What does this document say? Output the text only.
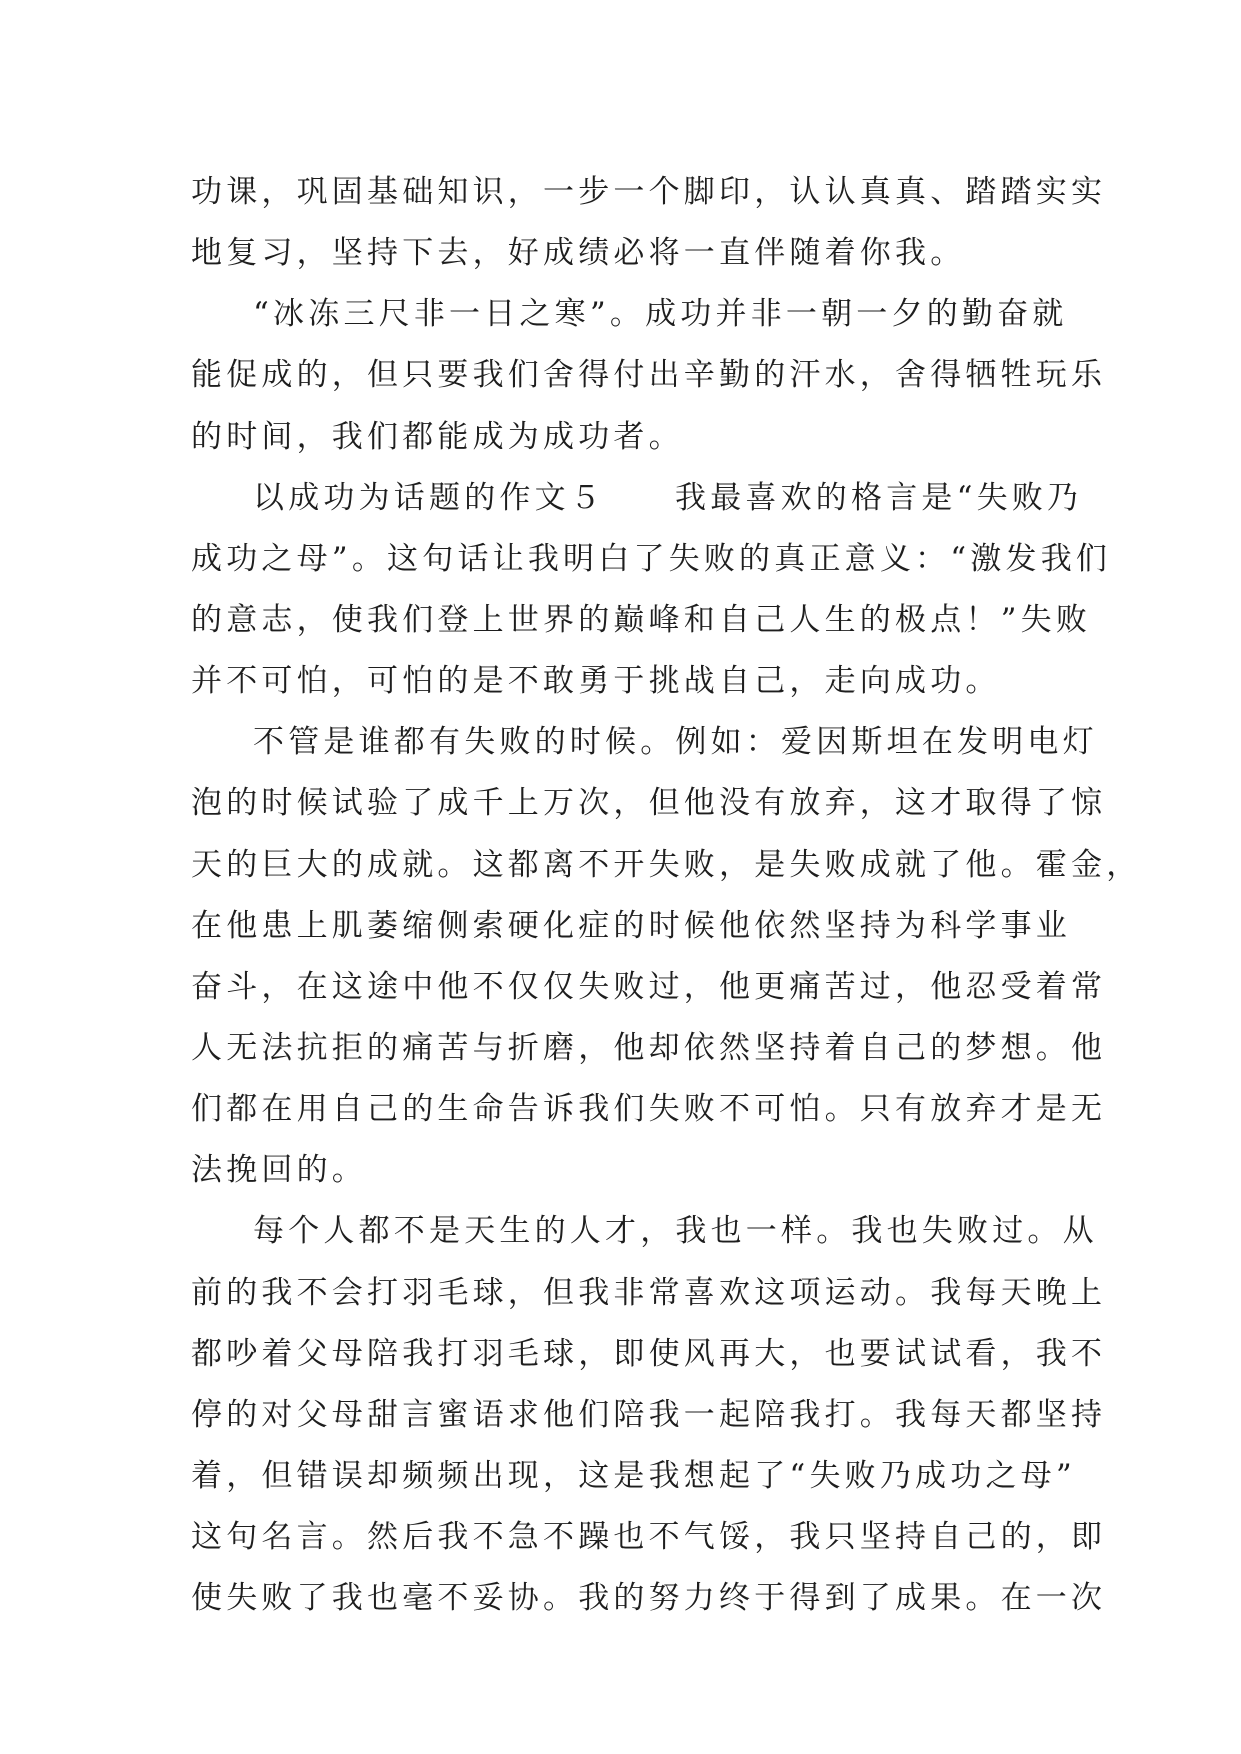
功课，巩固基础知识，一步一个脚印，认认真真、踏踏实实
地复习，坚持下去，好成绩必将一直伴随着你我。
“冰冻三尺非一日之寒”。成功并非一朝一夕的勤奋就
能促成的，但只要我们舍得付出辛勤的汗水，舍得牺牲玩乐
的时间，我们都能成为成功者。
以成功为话题的作文５ 我最喜欢的格言是“失败乃
成功之母”。这句话让我明白了失败的真正意义：“激发我们
的意志，使我们登上世界的巅峰和自己人生的极点！”失败
并不可怕，可怕的是不敢勇于挑战自己，走向成功。
不管是谁都有失败的时候。例如：爱因斯坦在发明电灯
泡的时候试验了成千上万次，但他没有放弃，这才取得了惊
天的巨大的成就。这都离不开失败，是失败成就了他。霍金，
在他患上肌萎缩侧索硬化症的时候他依然坚持为科学事业
奋斗，在这途中他不仅仅失败过，他更痛苦过，他忍受着常
人无法抗拒的痛苦与折磨，他却依然坚持着自己的梦想。他
们都在用自己的生命告诉我们失败不可怕。只有放弃才是无
法挽回的。
每个人都不是天生的人才，我也一样。我也失败过。从
前的我不会打羽毛球，但我非常喜欢这项运动。我每天晚上
都吵着父母陪我打羽毛球，即使风再大，也要试试看，我不
停的对父母甜言蜜语求他们陪我一起陪我打。我每天都坚持
着，但错误却频频出现，这是我想起了“失败乃成功之母”
这句名言。然后我不急不躁也不气馁，我只坚持自己的，即
使失败了我也毫不妥协。我的努力终于得到了成果。在一次
